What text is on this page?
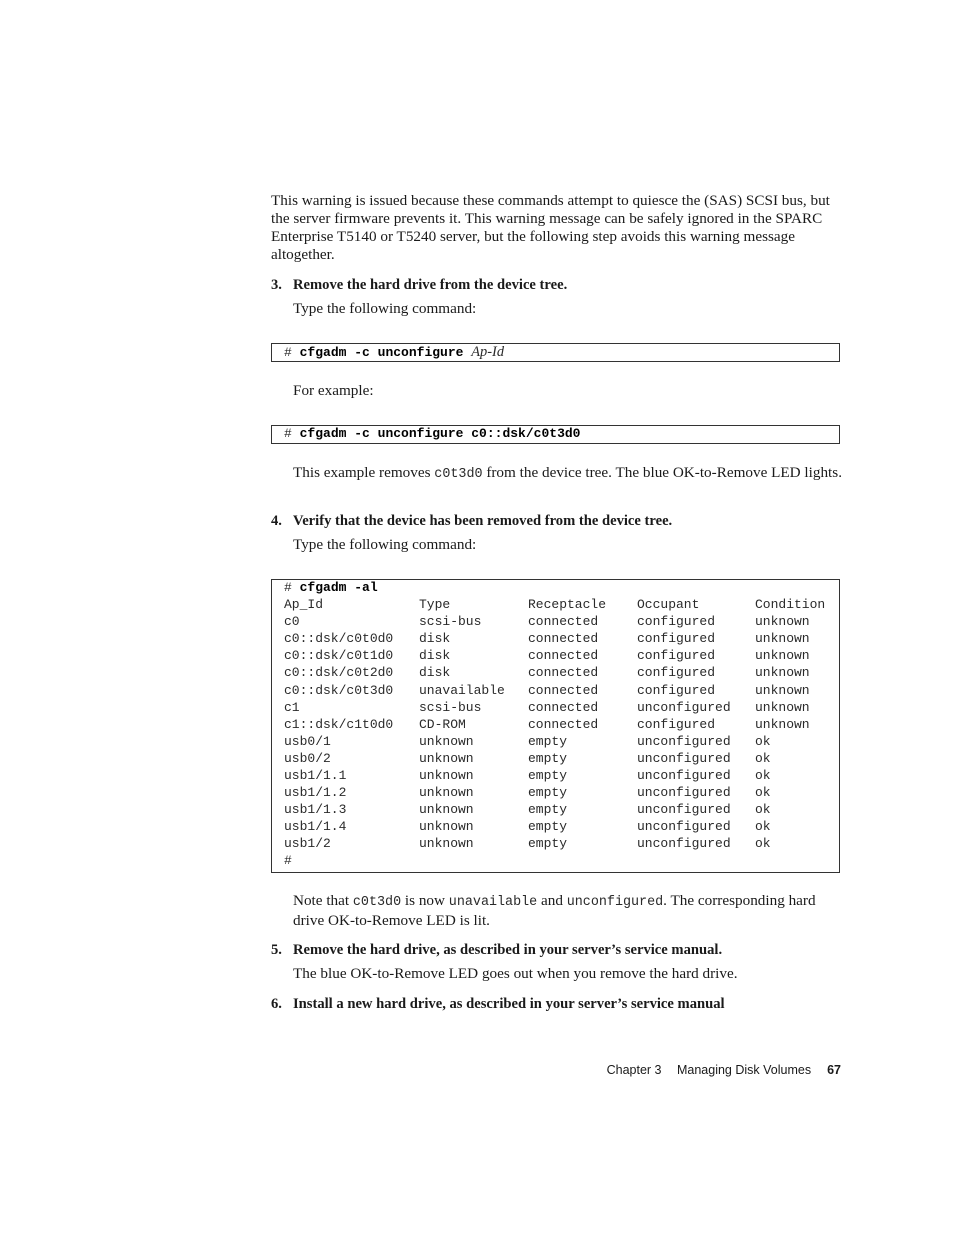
This warning is issued because these commands attempt to quiesce the (SAS) SCSI bus, but the server firmware prevents it. This warning message can be safely ignored in the SPARC Enterprise T5140 or T5240 server, but the following step avoids this warning message altogether.

3. Remove the hard drive from the device tree.

Type the following command:

# cfgadm -c unconfigure Ap-Id

For example:

# cfgadm -c unconfigure c0::dsk/c0t3d0

This example removes c0t3d0 from the device tree. The blue OK-to-Remove LED lights.

4. Verify that the device has been removed from the device tree.

Type the following command:

# cfgadm -al
Ap_Id	Type	Receptacle Occupant	Condition
c0	scsi-bus	connected	configured	unknown
c0::dsk/c0t0d0 disk	connected	configured	unknown
c0::dsk/c0t1d0 disk	connected	configured	unknown
c0::dsk/c0t2d0 disk	connected	configured	unknown
c0::dsk/c0t3d0 unavailable connected	configured	unknown
c1	scsi-bus	connected	unconfigured unknown
c1::dsk/c1t0d0 CD-ROM	connected	configured	unknown
usb0/1	unknown	empty	unconfigured ok
usb0/2	unknown	empty	unconfigured ok
usb1/1.1	unknown	empty	unconfigured ok
usb1/1.2	unknown	empty	unconfigured ok
usb1/1.3	unknown	empty	unconfigured ok
usb1/1.4	unknown	empty	unconfigured ok
usb1/2	unknown	empty	unconfigured ok
#

Note that c0t3d0 is now unavailable and unconfigured. The corresponding hard drive OK-to-Remove LED is lit.

5. Remove the hard drive, as described in your server’s service manual.

The blue OK-to-Remove LED goes out when you remove the hard drive.

6. Install a new hard drive, as described in your server’s service manual

Chapter 3 Managing Disk Volumes 67
